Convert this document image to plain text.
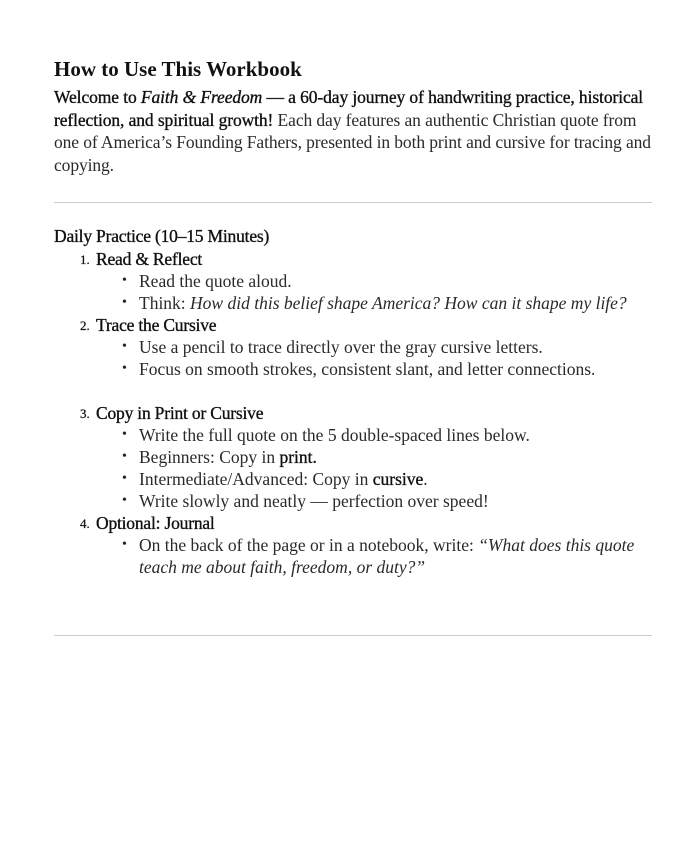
How to Use This Workbook

Welcome to Faith & Freedom — a 60-day journey of handwriting practice, historical reflection, and spiritual growth! Each day features an authentic Christian quote from one of America’s Founding Fathers, presented in both print and cursive for tracing and copying.

Daily Practice (10–15 Minutes)
1. Read & Reflect
• Read the quote aloud.
• Think: How did this belief shape America? How can it shape my life?
2. Trace the Cursive
• Use a pencil to trace directly over the gray cursive letters.
• Focus on smooth strokes, consistent slant, and letter connections.
3. Copy in Print or Cursive
• Write the full quote on the 5 double-spaced lines below.
• Beginners: Copy in print.
• Intermediate/Advanced: Copy in cursive.
• Write slowly and neatly — perfection over speed!
4. Optional: Journal
• On the back of the page or in a notebook, write: “What does this quote teach me about faith, freedom, or duty?”
